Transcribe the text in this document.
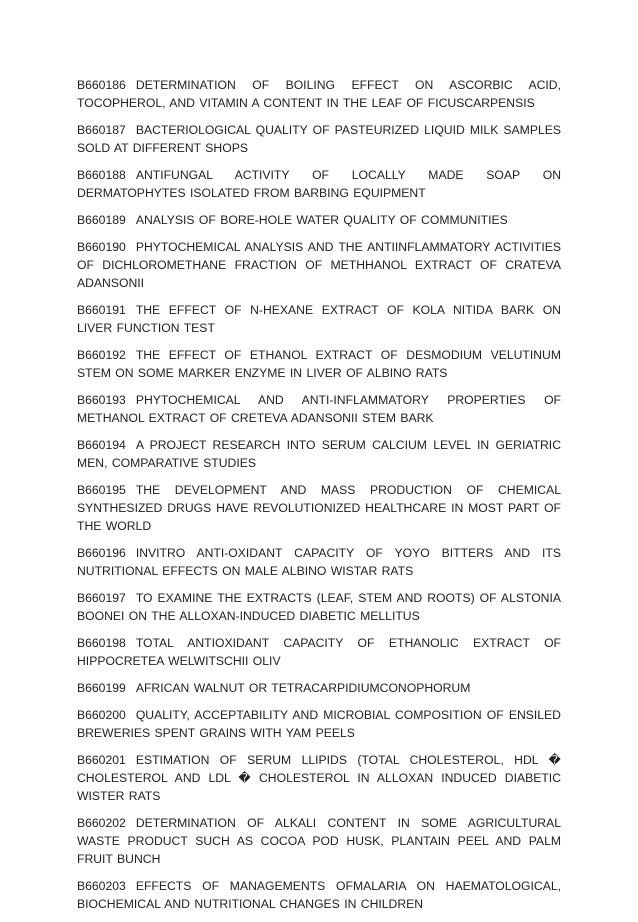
B660186 DETERMINATION OF BOILING EFFECT ON ASCORBIC ACID, TOCOPHEROL, AND VITAMIN A CONTENT IN THE LEAF OF FICUSCARPENSIS

B660187 BACTERIOLOGICAL QUALITY OF PASTEURIZED LIQUID MILK SAMPLES SOLD AT DIFFERENT SHOPS

B660188 ANTIFUNGAL ACTIVITY OF LOCALLY MADE SOAP ON DERMATOPHYTES ISOLATED FROM BARBING EQUIPMENT

B660189 ANALYSIS OF BORE-HOLE WATER QUALITY OF COMMUNITIES

B660190 PHYTOCHEMICAL ANALYSIS AND THE ANTIINFLAMMATORY ACTIVITIES OF DICHLOROMETHANE FRACTION OF METHHANOL EXTRACT OF CRATEVA ADANSONII

B660191 THE EFFECT OF N-HEXANE EXTRACT OF KOLA NITIDA BARK ON LIVER FUNCTION TEST

B660192 THE EFFECT OF ETHANOL EXTRACT OF DESMODIUM VELUTINUM STEM ON SOME MARKER ENZYME IN LIVER OF ALBINO RATS

B660193 PHYTOCHEMICAL AND ANTI-INFLAMMATORY PROPERTIES OF METHANOL EXTRACT OF CRETEVA ADANSONII STEM BARK

B660194 A PROJECT RESEARCH INTO SERUM CALCIUM LEVEL IN GERIATRIC MEN, COMPARATIVE STUDIES

B660195 THE DEVELOPMENT AND MASS PRODUCTION OF CHEMICAL SYNTHESIZED DRUGS HAVE REVOLUTIONIZED HEALTHCARE IN MOST PART OF THE WORLD

B660196 INVITRO ANTI-OXIDANT CAPACITY OF YOYO BITTERS AND ITS NUTRITIONAL EFFECTS ON MALE ALBINO WISTAR RATS

B660197 TO EXAMINE THE EXTRACTS (LEAF, STEM AND ROOTS) OF ALSTONIA BOONEI ON THE ALLOXAN-INDUCED DIABETIC MELLITUS

B660198 TOTAL ANTIOXIDANT CAPACITY OF ETHANOLIC EXTRACT OF HIPPOCRETEA WELWITSCHII OLIV

B660199 AFRICAN WALNUT OR TETRACARPIDIUMCONOPHORUM

B660200 QUALITY, ACCEPTABILITY AND MICROBIAL COMPOSITION OF ENSILED BREWERIES SPENT GRAINS WITH YAM PEELS

B660201 ESTIMATION OF SERUM LLIPIDS (TOTAL CHOLESTEROL, HDL � CHOLESTEROL AND LDL � CHOLESTEROL IN ALLOXAN INDUCED DIABETIC WISTER RATS

B660202 DETERMINATION OF ALKALI CONTENT IN SOME AGRICULTURAL WASTE PRODUCT SUCH AS COCOA POD HUSK, PLANTAIN PEEL AND PALM FRUIT BUNCH

B660203 EFFECTS OF MANAGEMENTS OFMALARIA ON HAEMATOLOGICAL, BIOCHEMICAL AND NUTRITIONAL CHANGES IN CHILDREN
